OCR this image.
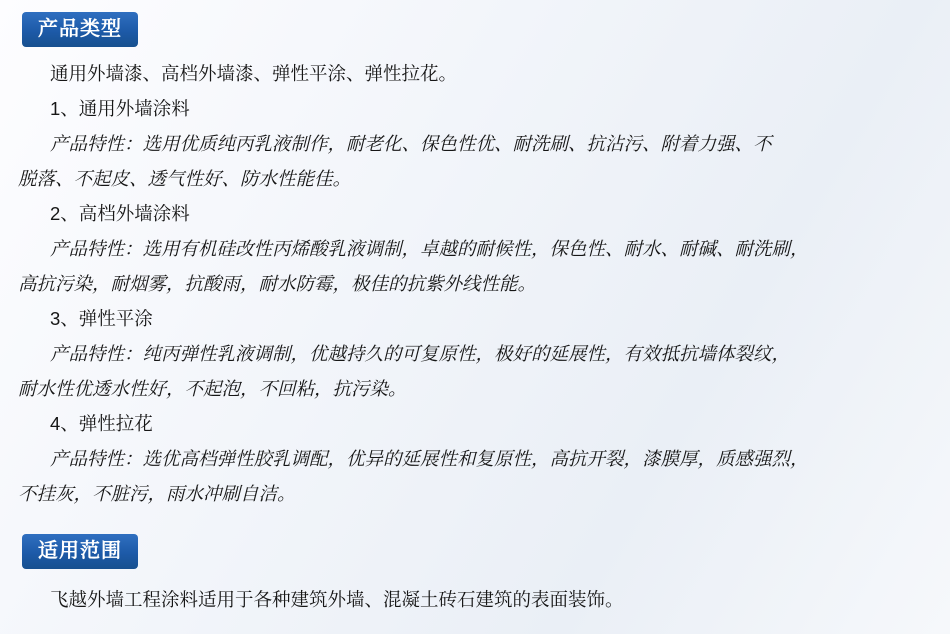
产品类型

通用外墙漆、高档外墙漆、弹性平涂、弹性拉花。

1、通用外墙涂料

产品特性：选用优质纯丙乳液制作，耐老化、保色性优、耐洗刷、抗沾污、附着力强、不

脱落、不起皮、透气性好、防水性能佳。

2、高档外墙涂料

产品特性：选用有机硅改性丙烯酸乳液调制，卓越的耐候性，保色性、耐水、耐碱、耐洗刷，

高抗污染，耐烟雾，抗酸雨，耐水防霉，极佳的抗紫外线性能。

3、弹性平涂

产品特性：纯丙弹性乳液调制，优越持久的可复原性，极好的延展性，有效抵抗墙体裂纹，

耐水性优透水性好，不起泡，不回粘，抗污染。

4、弹性拉花

产品特性：选优高档弹性胶乳调配，优异的延展性和复原性，高抗开裂，漆膜厚，质感强烈，

不挂灰，不脏污，雨水冲刷自洁。

适用范围

飞越外墙工程涂料适用于各种建筑外墙、混凝土砖石建筑的表面装饰。
